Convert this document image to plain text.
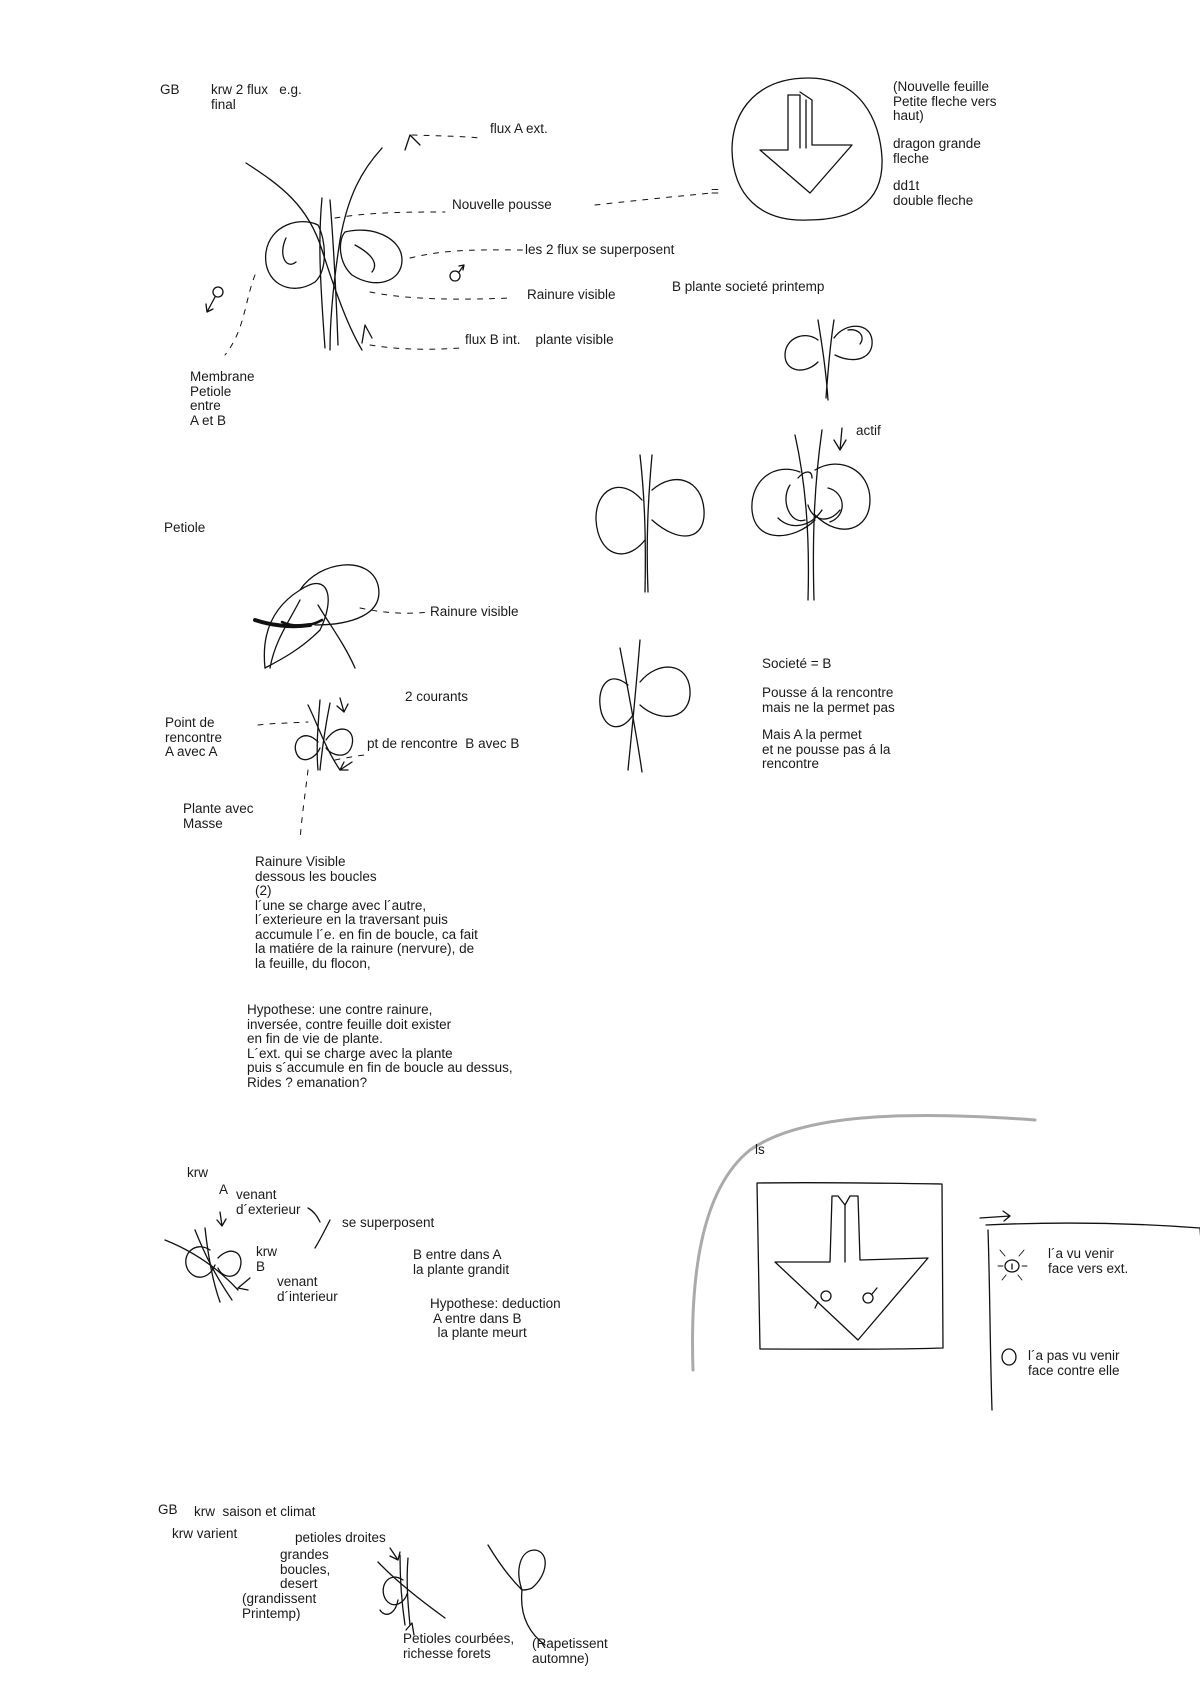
GB krw 2 flux   e.g.
final
flux A ext.
Nouvelle pousse
les 2 flux se superposent
Rainure visible
flux B int.    plante visible
Membrane
Petiole
entre
A et B
=
(Nouvelle feuille
Petite fleche vers
haut)
dragon grande
fleche
dd1t
double fleche
B plante societé printemp
actif
Societé = B
Pousse á la rencontre
mais ne la permet pas
Mais A la permet
et ne pousse pas á la
rencontre
Petiole
Rainure visible
2 courants
Point de
rencontre
A avec A
pt de rencontre  B avec B
Plante avec
Masse
Rainure Visible
dessous les boucles
(2)
l´une se charge avec l´autre,
l´exterieure en la traversant puis
accumule l´e. en fin de boucle, ca fait
la matiére de la rainure (nervure), de
la feuille, du flocon,
Hypothese: une contre rainure,
inversée, contre feuille doit exister
en fin de vie de plante.
L´ext. qui se charge avec la plante
puis s´accumule en fin de boucle au dessus,
Rides ? emanation?
krw
A venant
d´exterieur
se superposent
krw
B
venant
d´interieur
B entre dans A
la plante grandit
Hypothese: deduction
A entre dans B
la plante meurt
ls
l´a vu venir
face vers ext.
l´a pas vu venir
face contre elle
GB krw  saison et climat
krw varient	petioles droites
grandes
boucles,
desert
(grandissent
Printemp)
Petioles courbées,
richesse forets
(Rapetissent
automne)
